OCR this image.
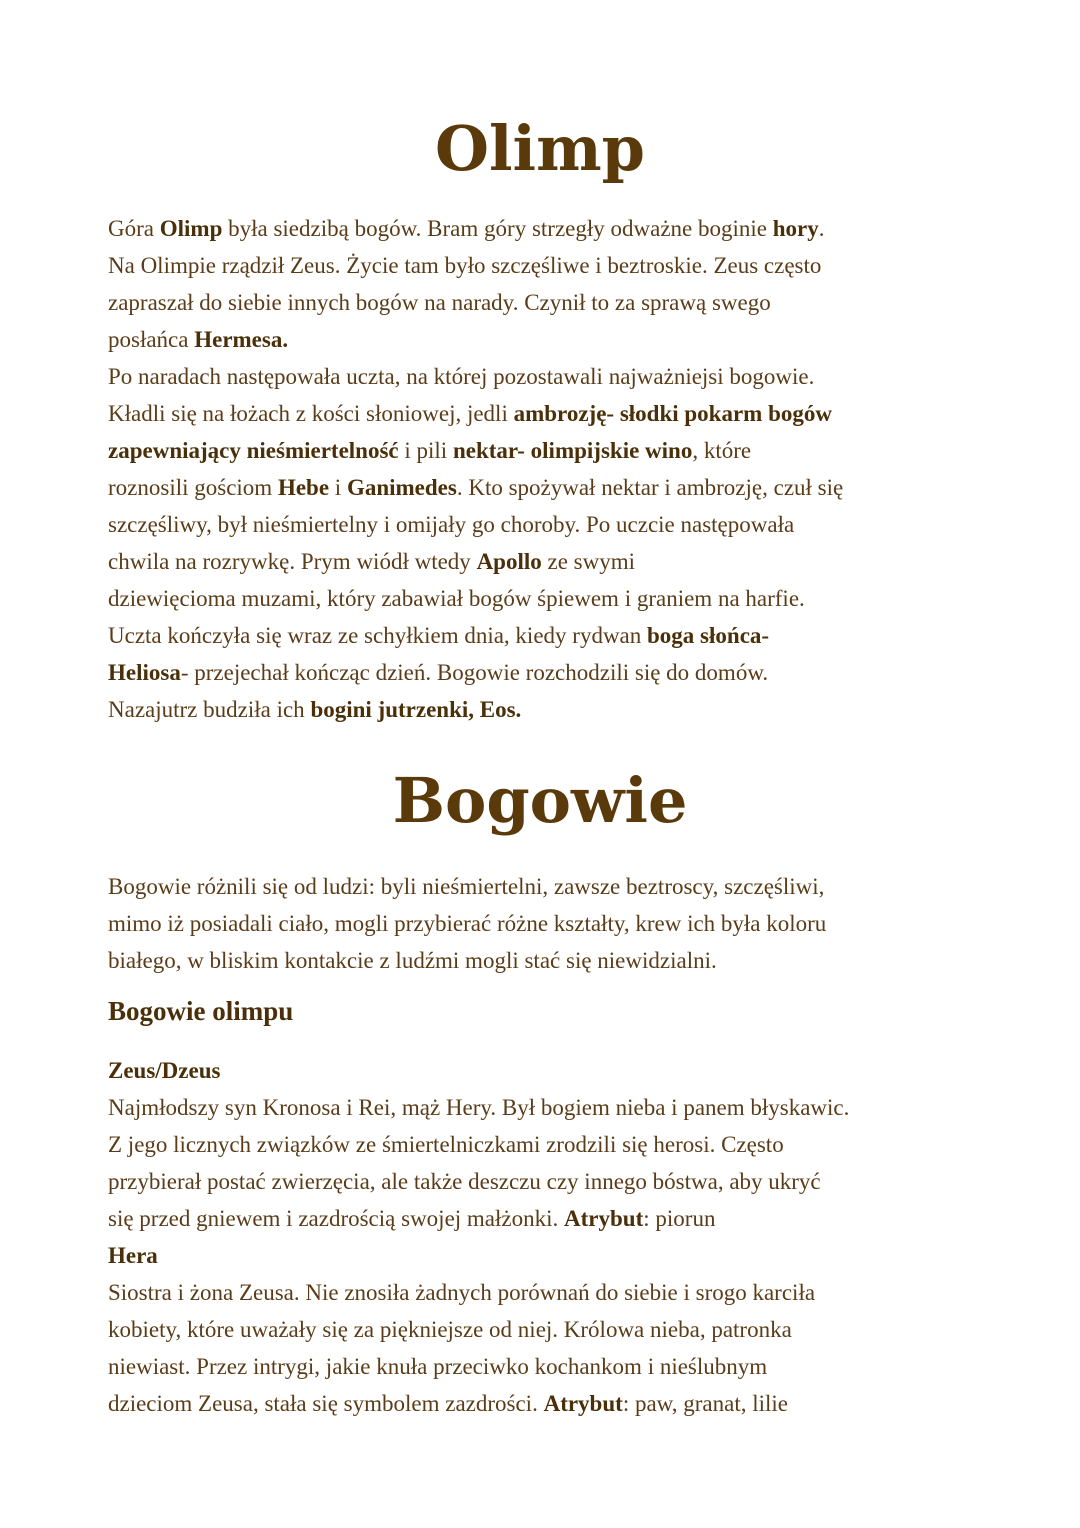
Olimp
Góra Olimp była siedzibą bogów. Bram góry strzegły odważne boginie hory.
Na Olimpie rządził Zeus. Życie tam było szczęśliwe i beztroskie. Zeus często
zapraszał do siebie innych bogów na narady. Czynił to za sprawą swego
posłańca Hermesa.
Po naradach następowała uczta, na której pozostawali najważniejsi bogowie.
Kładli się na łożach z kości słoniowej, jedli ambrozję- słodki pokarm bogów
zapewniający nieśmiertelność i pili nektar- olimpijskie wino, które
roznosili gościom Hebe i Ganimedes. Kto spożywał nektar i ambrozję, czuł się
szczęśliwy, był nieśmiertelny i omijały go choroby. Po uczcie następowała
chwila na rozrywkę. Prym wiódł wtedy Apollo ze swymi
dziewięcioma muzami, który zabawiał bogów śpiewem i graniem na harfie.
Uczta kończyła się wraz ze schyłkiem dnia, kiedy rydwan boga słońca-
Heliosa- przejechał kończąc dzień. Bogowie rozchodzili się do domów.
Nazajutrz budziła ich bogini jutrzenki, Eos.
Bogowie
Bogowie różnili się od ludzi: byli nieśmiertelni, zawsze beztroscy, szczęśliwi,
mimo iż posiadali ciało, mogli przybierać różne kształty, krew ich była koloru
białego, w bliskim kontakcie z ludźmi mogli stać się niewidzialni.
Bogowie olimpu
Zeus/Dzeus
Najmłodszy syn Kronosa i Rei, mąż Hery. Był bogiem nieba i panem błyskawic.
Z jego licznych związków ze śmiertelniczkami zrodzili się herosi. Często
przybierał postać zwierzęcia, ale także deszczu czy innego bóstwa, aby ukryć
się przed gniewem i zazdrością swojej małżonki. Atrybut: piorun
Hera
Siostra i żona Zeusa. Nie znosiła żadnych porównań do siebie i srogo karciła
kobiety, które uważały się za piękniejsze od niej. Królowa nieba, patronka
niewiast. Przez intrygi, jakie knuła przeciwko kochankom i nieślubnym
dzieciom Zeusa, stała się symbolem zazdrości. Atrybut: paw, granat, lilie
